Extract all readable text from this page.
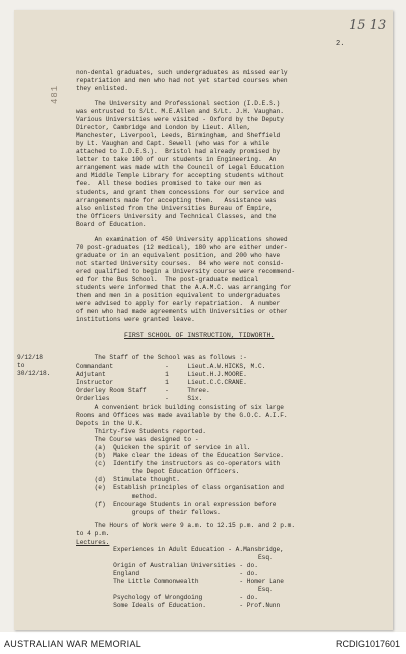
15 13
2.
481
non-dental graduates, such undergraduates as missed early
repatriation and men who had not yet started courses when
they enlisted.
The University and Professional section (I.D.E.S.)
was entrusted to S/Lt. M.E.Allen and S/Lt. J.H. Vaughan.
Various Universities were visited - Oxford by the Deputy
Director, Cambridge and London by Lieut. Allen,
Manchester, Liverpool, Leeds, Birmingham, and Sheffield
by Lt. Vaughan and Capt. Sewell (who was for a while
attached to I.D.E.S.).  Bristol had already promised by
letter to take 100 of our students in Engineering.  An
arrangement was made with the Council of Legal Education
and Middle Temple Library for accepting students without
fee.  All these bodies promised to take our men as
students, and grant them concessions for our service and
arrangements made for accepting them.   Assistance was
also enlisted from the Universities Bureau of Empire,
the Officers University and Technical Classes, and the
Board of Education.
An examination of 450 University applications showed
70 post-graduates (12 medical), 180 who are either under-
graduate or in an equivalent position, and 200 who have
not started University courses.  84 who were not consid-
ered qualified to begin a University course were recommend-
ed for the Bus School.  The post-graduate medical
students were informed that the A.A.M.C. was arranging for
them and men in a position equivalent to undergraduates
were advised to apply for early repatriation.  A number
of men who had made agreements with Universities or other
institutions were granted leave.
FIRST SCHOOL OF INSTRUCTION, TIDWORTH.
9/12/18
to
30/12/18.
The Staff of the School was as follows :-
Commandant              -     Lieut.A.W.HICKS, M.C.
Adjutant                1     Lieut.H.J.MOORE.
Instructor              1     Lieut.C.C.CRANE.
Orderley Room Staff     -     Three.
Orderlies               -     Six.
A convenient brick building consisting of six large
Rooms and Offices was made available by the G.O.C. A.I.F.
Depots in the U.K.
Thirty-five Students reported.
The Course was designed to -
(a)  Quicken the spirit of service in all.
(b)  Make clear the ideas of the Education Service.
(c)  Identify the instructors as co-operators with
the Depot Education Officers.
(d)  Stimulate thought.
(e)  Establish principles of class organisation and
method.
(f)  Encourage Students in oral expression before
groups of their fellows.
The Hours of Work were 9 a.m. to 12.15 p.m. and 2 p.m.
to 4 p.m.
Lectures.
Experiences in Adult Education - A.Mansbridge,
Esq.
Origin of Australian Universities - do.
England                           - do.
The Little Commonwealth           - Homer Lane
Esq.
Psychology of Wrongdoing          - do.
Some Ideals of Education.         - Prof.Nunn
AUSTRALIAN WAR MEMORIAL	RCDIG1017601
